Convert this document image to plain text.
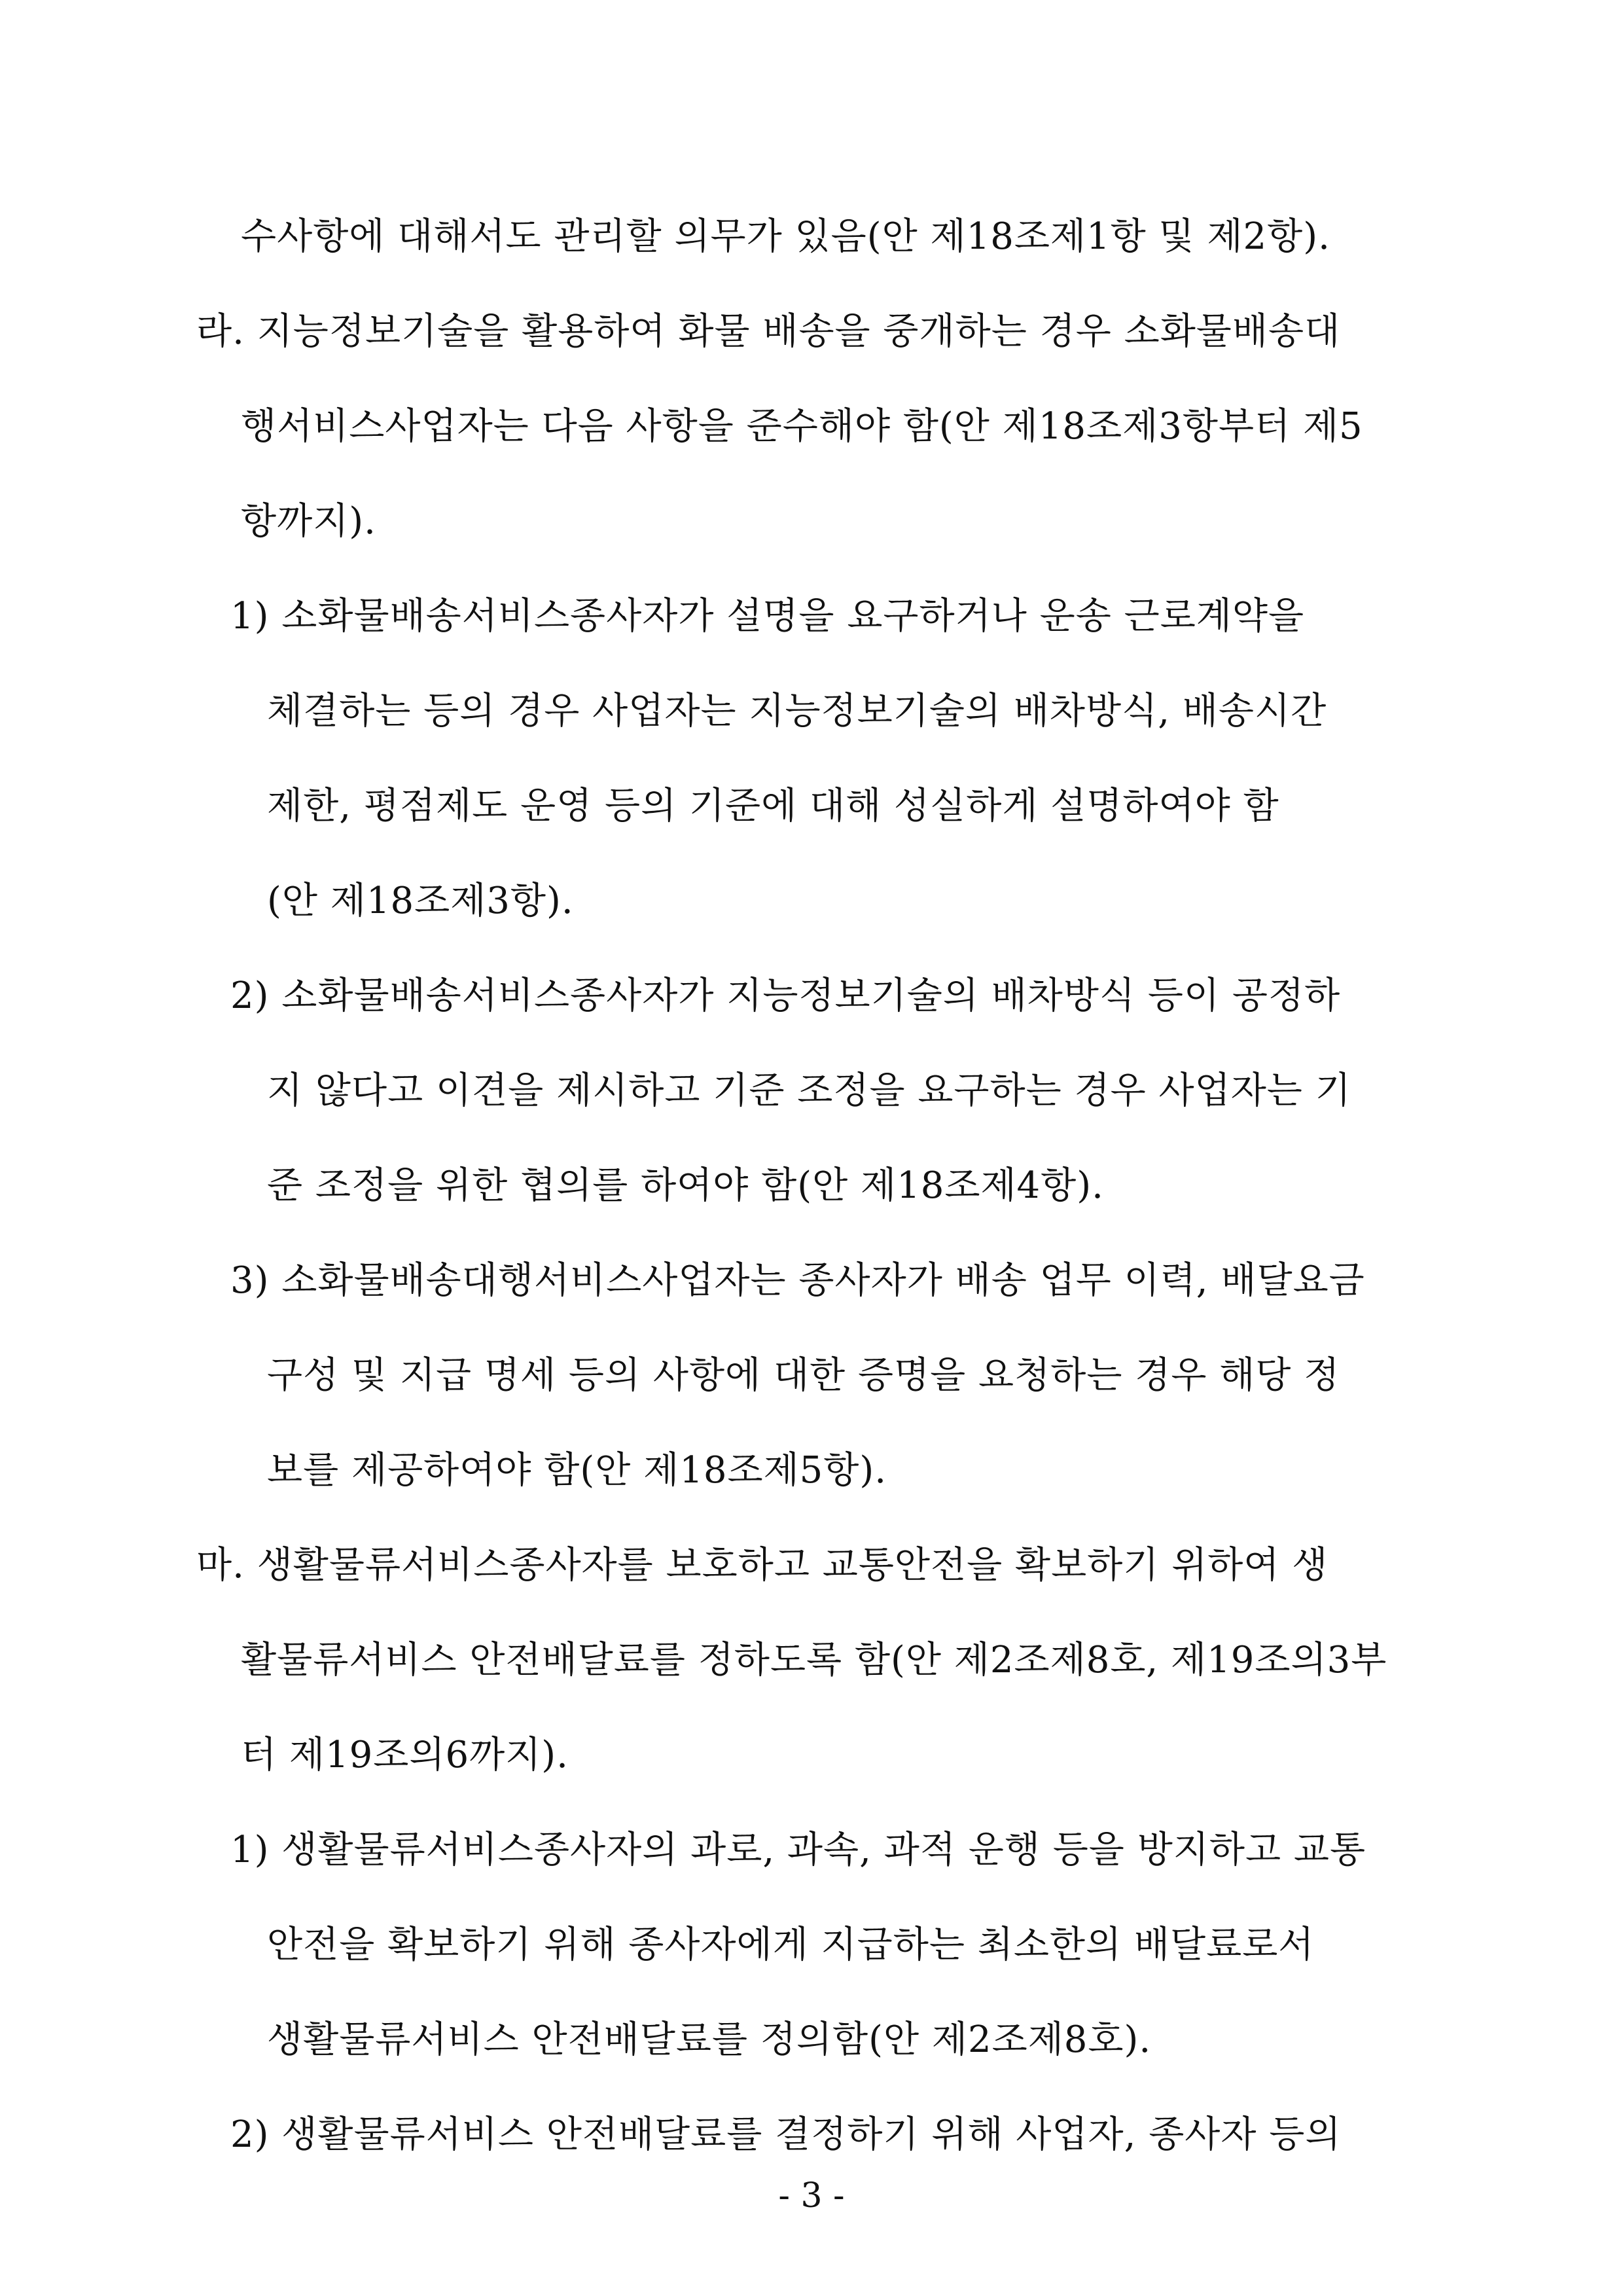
수사항에 대해서도 관리할 의무가 있음(안 제18조제1항 및 제2항).
라. 지능정보기술을 활용하여 화물 배송을 중개하는 경우 소화물배송대
행서비스사업자는 다음 사항을 준수해야 함(안 제18조제3항부터 제5
항까지).
1) 소화물배송서비스종사자가 설명을 요구하거나 운송 근로계약을
체결하는 등의 경우 사업자는 지능정보기술의 배차방식, 배송시간
제한, 평점제도 운영 등의 기준에 대해 성실하게 설명하여야 함
(안 제18조제3항).
2) 소화물배송서비스종사자가 지능정보기술의 배차방식 등이 공정하
지 않다고 이견을 제시하고 기준 조정을 요구하는 경우 사업자는 기
준 조정을 위한 협의를 하여야 함(안 제18조제4항).
3) 소화물배송대행서비스사업자는 종사자가 배송 업무 이력, 배달요금
구성 및 지급 명세 등의 사항에 대한 증명을 요청하는 경우 해당 정
보를 제공하여야 함(안 제18조제5항).
마. 생활물류서비스종사자를 보호하고 교통안전을 확보하기 위하여 생
활물류서비스 안전배달료를 정하도록 함(안 제2조제8호, 제19조의3부
터 제19조의6까지).
1) 생활물류서비스종사자의 과로, 과속, 과적 운행 등을 방지하고 교통
안전을 확보하기 위해 종사자에게 지급하는 최소한의 배달료로서
생활물류서비스 안전배달료를 정의함(안 제2조제8호).
2) 생활물류서비스 안전배달료를 결정하기 위해 사업자, 종사자 등의
- 3 -
